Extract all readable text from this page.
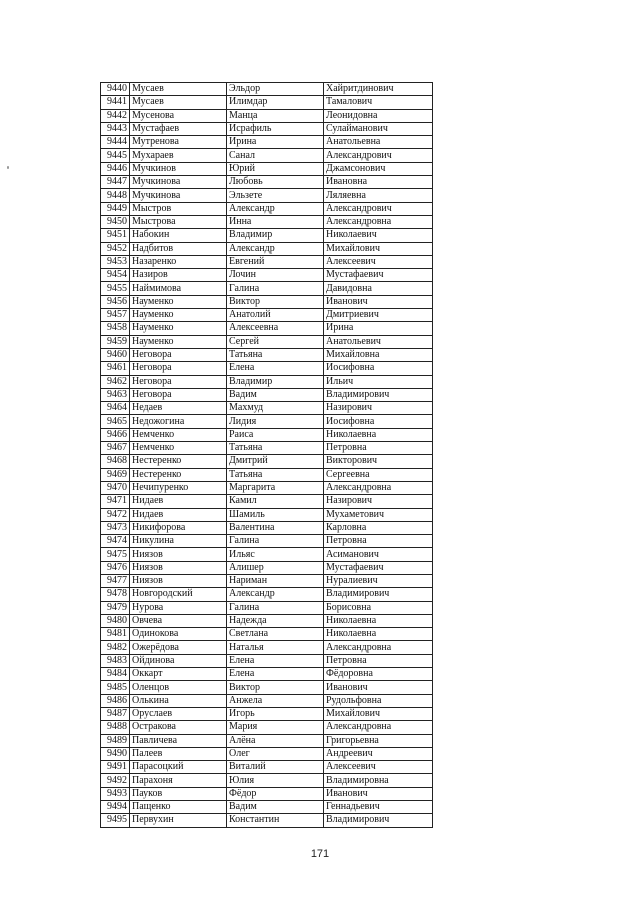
9440	Мусаев	Эльдор	Хайритдинович
9441	Мусаев	Илимдар	Тамалович
9442	Мусенова	Манца	Леонидовна
9443	Мустафаев	Исрафиль	Сулайманович
9444	Мутренова	Ирина	Анатольевна
9445	Мухараев	Санал	Александрович
9446	Мучкинов	Юрий	Джамсонович
9447	Мучкинова	Любовь	Ивановна
9448	Мучкинова	Эльзете	Ляляевна
9449	Мыстров	Александр	Александрович
9450	Мыстрова	Инна	Александровна
9451	Набокин	Владимир	Николаевич
9452	Надбитов	Александр	Михайлович
9453	Назаренко	Евгений	Алексеевич
9454	Назиров	Лочин	Мустафаевич
9455	Наймимова	Галина	Давидовна
9456	Науменко	Виктор	Иванович
9457	Науменко	Анатолий	Дмитриевич
9458	Науменко	Алексеевна	Ирина
9459	Науменко	Сергей	Анатольевич
9460	Неговора	Татьяна	Михайловна
9461	Неговора	Елена	Иосифовна
9462	Неговора	Владимир	Ильич
9463	Неговора	Вадим	Владимирович
9464	Недаев	Махмуд	Назирович
9465	Недожогина	Лидия	Иосифовна
9466	Немченко	Раиса	Николаевна
9467	Немченко	Татьяна	Петровна
9468	Нестеренко	Дмитрий	Викторович
9469	Нестеренко	Татьяна	Сергеевна
9470	Нечипуренко	Маргарита	Александровна
9471	Нидаев	Камил	Назирович
9472	Нидаев	Шамиль	Мухаметович
9473	Никифорова	Валентина	Карловна
9474	Никулина	Галина	Петровна
9475	Ниязов	Ильяс	Асиманович
9476	Ниязов	Алишер	Мустафаевич
9477	Ниязов	Нариман	Нуралиевич
9478	Новгородский	Александр	Владимирович
9479	Нурова	Галина	Борисовна
9480	Овчева	Надежда	Николаевна
9481	Одинокова	Светлана	Николаевна
9482	Ожерёдова	Наталья	Александровна
9483	Ойдинова	Елена	Петровна
9484	Оккарт	Елена	Фёдоровна
9485	Оленцов	Виктор	Иванович
9486	Олькина	Анжела	Рудольфовна
9487	Оруслаев	Игорь	Михайлович
9488	Остракова	Мария	Александровна
9489	Павличева	Алёна	Григорьевна
9490	Палеев	Олег	Андреевич
9491	Парасоцкий	Виталий	Алексеевич
9492	Парахоня	Юлия	Владимировна
9493	Пауков	Фёдор	Иванович
9494	Пащенко	Вадим	Геннадьевич
9495	Первухин	Константин	Владимирович
171
